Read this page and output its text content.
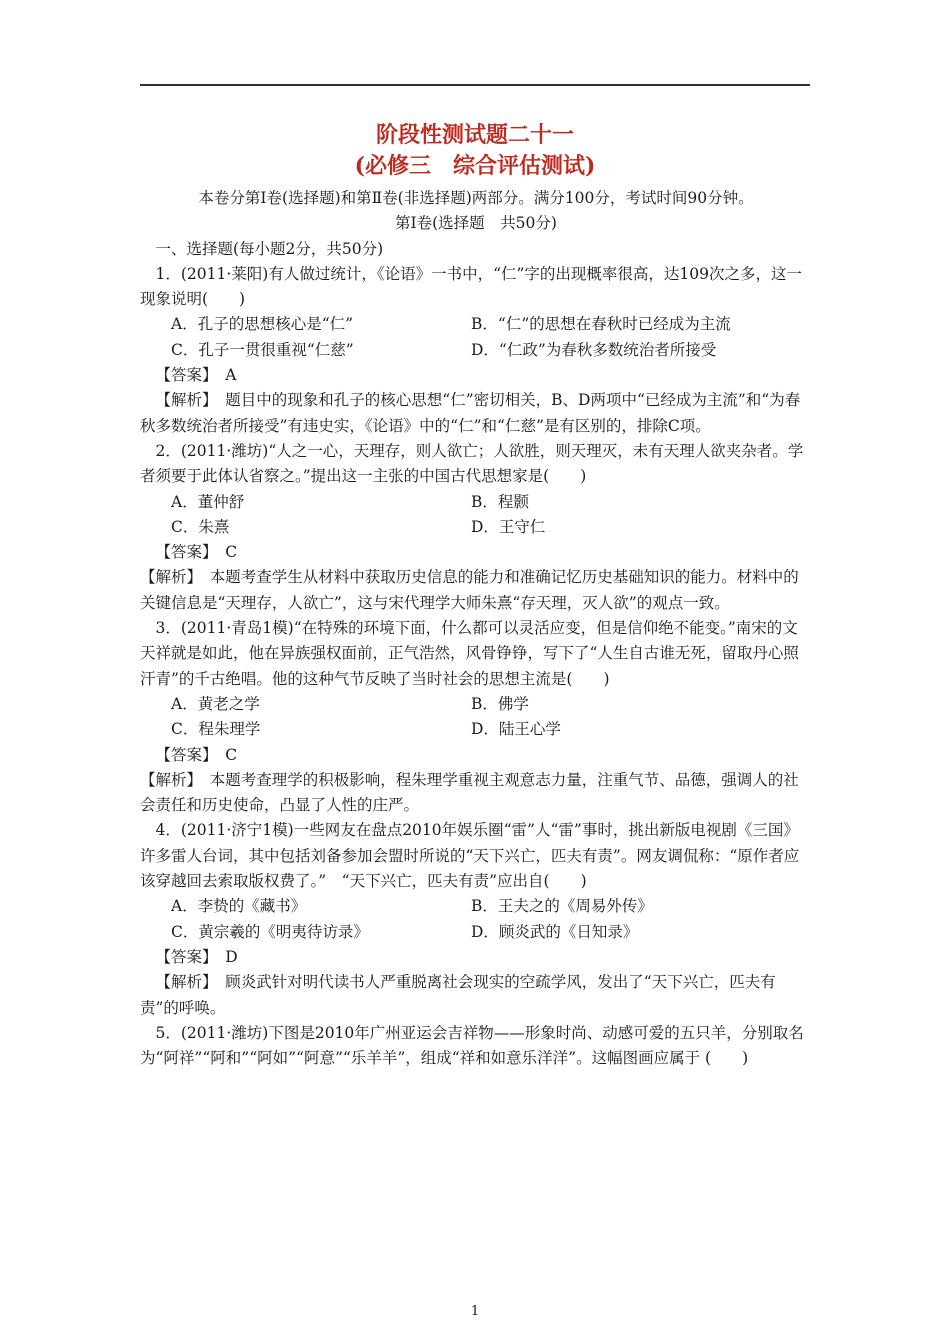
阶段性测试题二十一
(必修三　综合评估测试)

本卷分第Ⅰ卷(选择题)和第Ⅱ卷(非选择题)两部分。满分100分，考试时间90分钟。

第Ⅰ卷(选择题　共50分)

一、选择题(每小题2分，共50分)

1．(2011·莱阳)有人做过统计，《论语》一书中，“仁”字的出现概率很高，达109次之多，这一现象说明(　　)

A．孔子的思想核心是“仁”	B．“仁”的思想在春秋时已经成为主流
C．孔子一贯很重视“仁慈”	D．“仁政”为春秋多数统治者所接受

【答案】　 A

【解析】　 题目中的现象和孔子的核心思想“仁”密切相关，B、D两项中“已经成为主流”和“为春秋多数统治者所接受”有违史实，《论语》中的“仁”和“仁慈”是有区别的，排除C项。

2．(2011·潍坊)“人之一心，天理存，则人欲亡；人欲胜，则天理灭，未有天理人欲夹杂者。学者须要于此体认省察之。”提出这一主张的中国古代思想家是(　　)

A．董仲舒	B．程颢
C．朱熹	D．王守仁

【答案】　 C

【解析】　 本题考查学生从材料中获取历史信息的能力和准确记忆历史基础知识的能力。材料中的关键信息是“天理存，人欲亡”，这与宋代理学大师朱熹“存天理，灭人欲”的观点一致。

3．(2011·青岛1模)“在特殊的环境下面，什么都可以灵活应变，但是信仰绝不能变。”南宋的文天祥就是如此，他在异族强权面前，正气浩然，风骨铮铮，写下了“人生自古谁无死，留取丹心照汗青”的千古绝唱。他的这种气节反映了当时社会的思想主流是(　　)

A．黄老之学	B．佛学
C．程朱理学	D．陆王心学

【答案】　 C

【解析】　 本题考查理学的积极影响，程朱理学重视主观意志力量，注重气节、品德，强调人的社会责任和历史使命，凸显了人性的庄严。

4．(2011·济宁1模)一些网友在盘点2010年娱乐圈“雷”人“雷”事时，挑出新版电视剧《三国》许多雷人台词，其中包括刘备参加会盟时所说的“天下兴亡，匹夫有责”。网友调侃称：“原作者应该穿越回去索取版权费了。”　“天下兴亡，匹夫有责”应出自(　　)

A．李贽的《藏书》	B．王夫之的《周易外传》
C．黄宗羲的《明夷待访录》	D．顾炎武的《日知录》

【答案】　 D

【解析】　 顾炎武针对明代读书人严重脱离社会现实的空疏学风，发出了“天下兴亡，匹夫有责”的呼唤。

5．(2011·潍坊)下图是2010年广州亚运会吉祥物——形象时尚、动感可爱的五只羊，分别取名为“阿祥”“阿和”“阿如”“阿意”“乐羊羊”，组成“祥和如意乐洋洋”。这幅图画应属于 (　　)

1
